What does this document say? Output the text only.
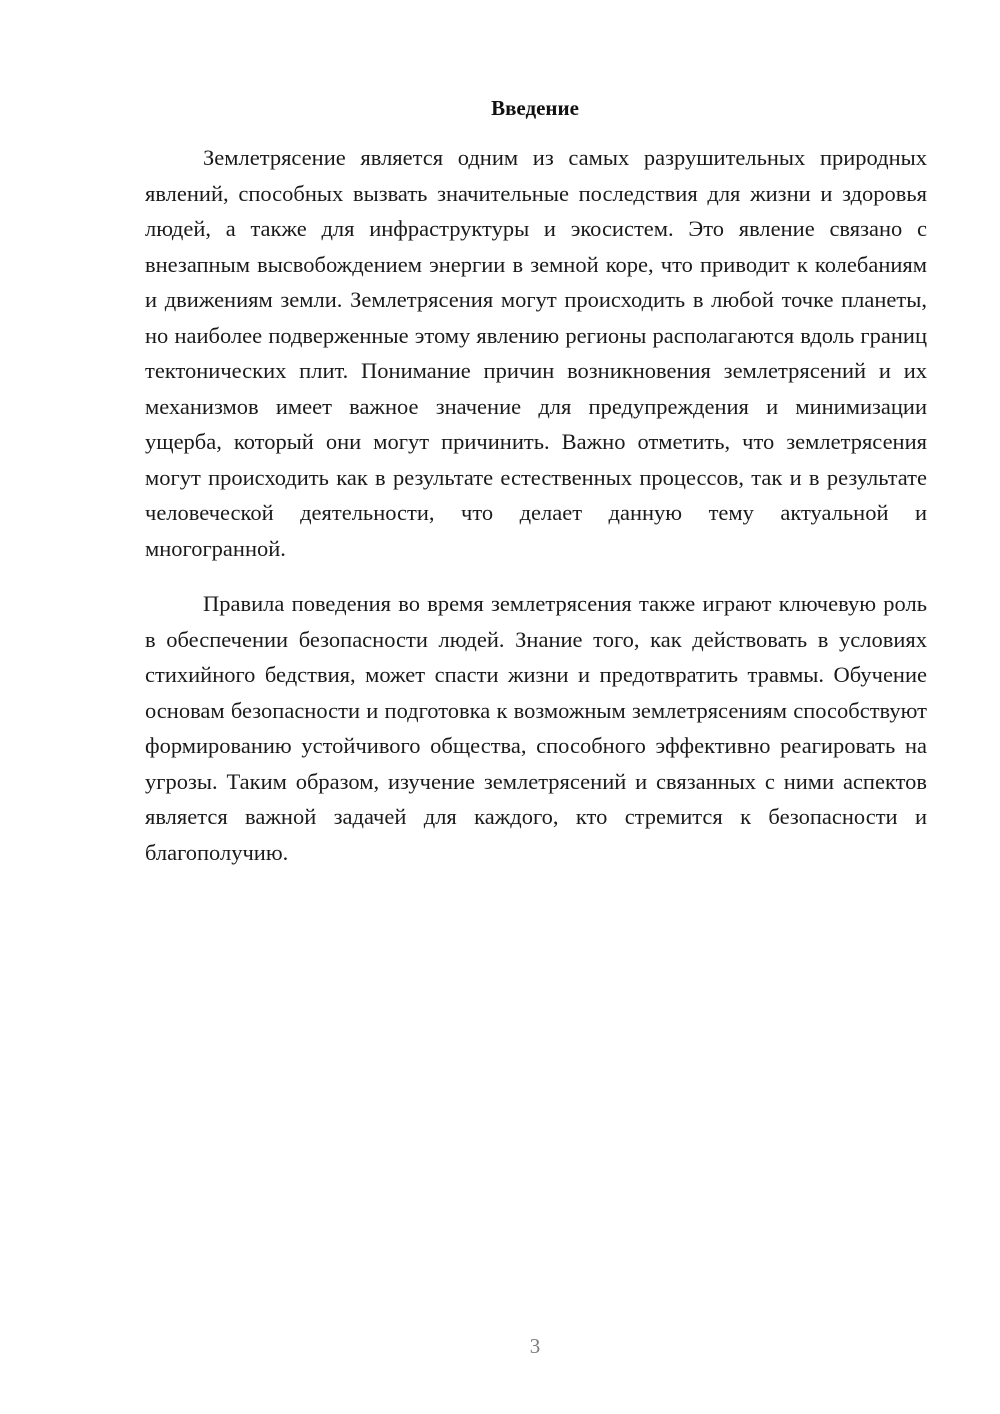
Введение

Землетрясение является одним из самых разрушительных природных явлений, способных вызвать значительные последствия для жизни и здоровья людей, а также для инфраструктуры и экосистем. Это явление связано с внезапным высвобождением энергии в земной коре, что приводит к колебаниям и движениям земли. Землетрясения могут происходить в любой точке планеты, но наиболее подверженные этому явлению регионы располагаются вдоль границ тектонических плит. Понимание причин возникновения землетрясений и их механизмов имеет важное значение для предупреждения и минимизации ущерба, который они могут причинить. Важно отметить, что землетрясения могут происходить как в результате естественных процессов, так и в результате человеческой деятельности, что делает данную тему актуальной и многогранной.

Правила поведения во время землетрясения также играют ключевую роль в обеспечении безопасности людей. Знание того, как действовать в условиях стихийного бедствия, может спасти жизни и предотвратить травмы. Обучение основам безопасности и подготовка к возможным землетрясениям способствуют формированию устойчивого общества, способного эффективно реагировать на угрозы. Таким образом, изучение землетрясений и связанных с ними аспектов является важной задачей для каждого, кто стремится к безопасности и благополучию.

3
